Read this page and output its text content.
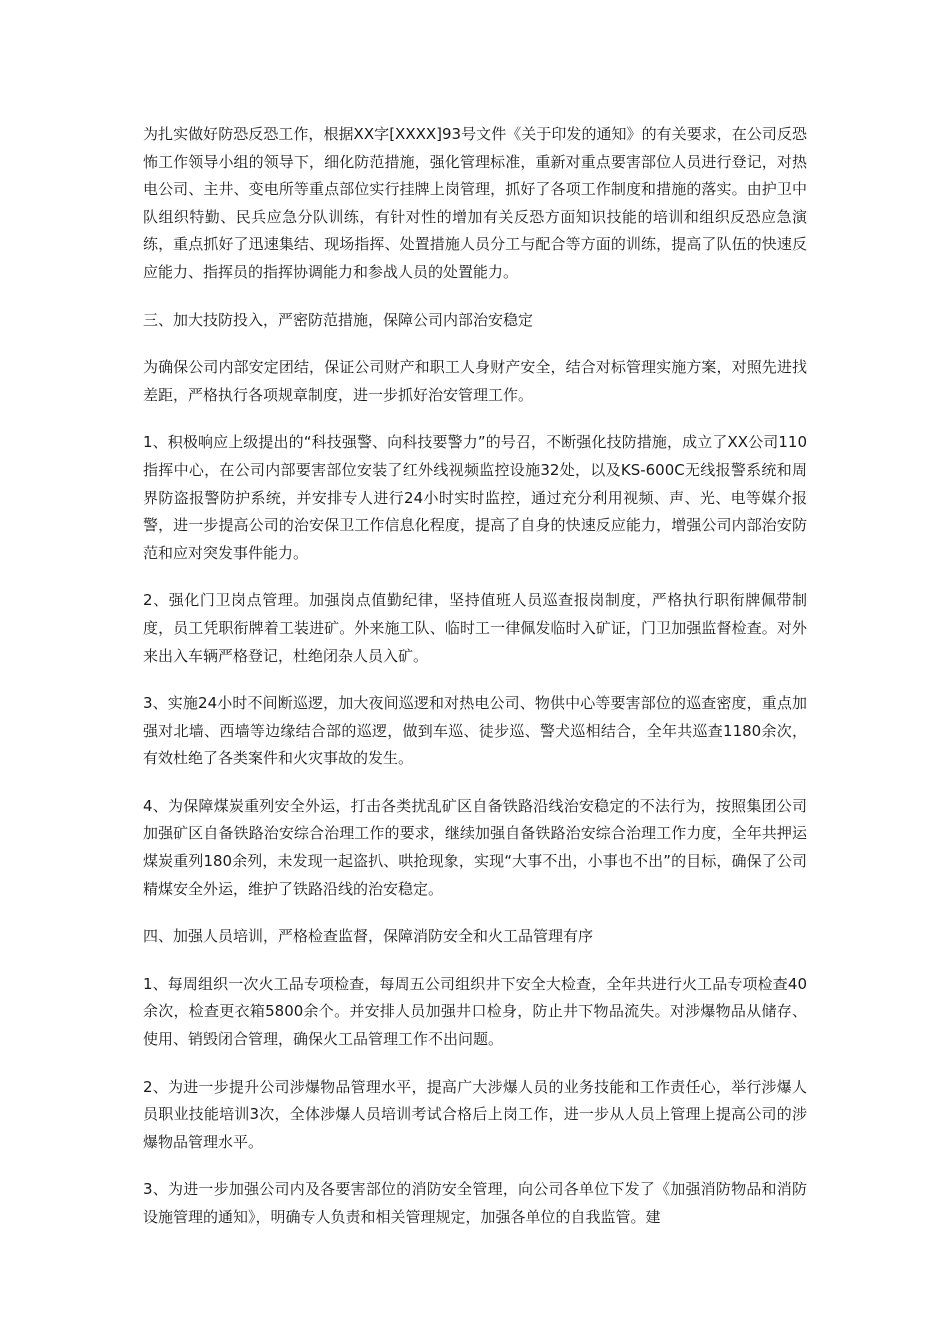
为扎实做好防恐反恐工作，根据XX字[XXXX]93号文件《关于印发的通知》的有关要求，在公司反恐怖工作领导小组的领导下，细化防范措施，强化管理标准，重新对重点要害部位人员进行登记，对热电公司、主井、变电所等重点部位实行挂牌上岗管理，抓好了各项工作制度和措施的落实。由护卫中队组织特勤、民兵应急分队训练，有针对性的增加有关反恐方面知识技能的培训和组织反恐应急演练，重点抓好了迅速集结、现场指挥、处置措施人员分工与配合等方面的训练，提高了队伍的快速反应能力、指挥员的指挥协调能力和参战人员的处置能力。

三、加大技防投入，严密防范措施，保障公司内部治安稳定

为确保公司内部安定团结，保证公司财产和职工人身财产安全，结合对标管理实施方案，对照先进找差距，严格执行各项规章制度，进一步抓好治安管理工作。

1、积极响应上级提出的“科技强警、向科技要警力”的号召，不断强化技防措施，成立了XX公司110指挥中心，在公司内部要害部位安装了红外线视频监控设施32处，以及KS-600C无线报警系统和周界防盗报警防护系统，并安排专人进行24小时实时监控，通过充分利用视频、声、光、电等媒介报警，进一步提高公司的治安保卫工作信息化程度，提高了自身的快速反应能力，增强公司内部治安防范和应对突发事件能力。

2、强化门卫岗点管理。加强岗点值勤纪律，坚持值班人员巡查报岗制度，严格执行职衔牌佩带制度，员工凭职衔牌着工装进矿。外来施工队、临时工一律佩发临时入矿证，门卫加强监督检查。对外来出入车辆严格登记，杜绝闭杂人员入矿。

3、实施24小时不间断巡逻，加大夜间巡逻和对热电公司、物供中心等要害部位的巡查密度，重点加强对北墙、西墙等边缘结合部的巡逻，做到车巡、徒步巡、警犬巡相结合，全年共巡查1180余次，有效杜绝了各类案件和火灾事故的发生。

4、为保障煤炭重列安全外运，打击各类扰乱矿区自备铁路沿线治安稳定的不法行为，按照集团公司加强矿区自备铁路治安综合治理工作的要求，继续加强自备铁路治安综合治理工作力度，全年共押运煤炭重列180余列，未发现一起盗扒、哄抢现象，实现“大事不出，小事也不出”的目标，确保了公司精煤安全外运，维护了铁路沿线的治安稳定。

四、加强人员培训，严格检查监督，保障消防安全和火工品管理有序

1、每周组织一次火工品专项检查，每周五公司组织井下安全大检查，全年共进行火工品专项检查40余次，检查更衣箱5800余个。并安排人员加强井口检身，防止井下物品流失。对涉爆物品从储存、使用、销毁闭合管理，确保火工品管理工作不出问题。

2、为进一步提升公司涉爆物品管理水平，提高广大涉爆人员的业务技能和工作责任心，举行涉爆人员职业技能培训3次，全体涉爆人员培训考试合格后上岗工作，进一步从人员上管理上提高公司的涉爆物品管理水平。

3、为进一步加强公司内及各要害部位的消防安全管理，向公司各单位下发了《加强消防物品和消防设施管理的通知》，明确专人负责和相关管理规定，加强各单位的自我监管。建
